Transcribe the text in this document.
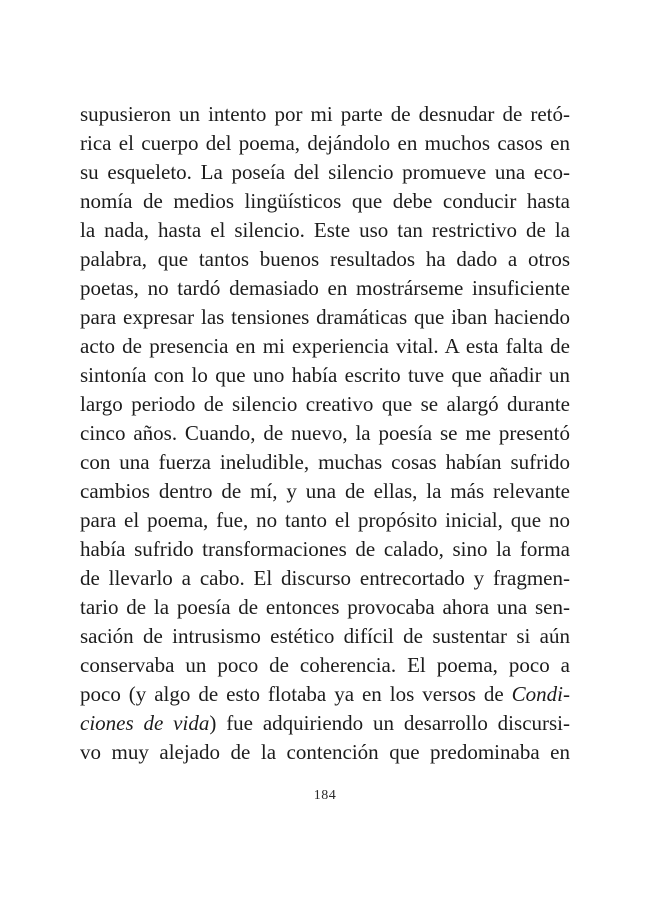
supusieron un intento por mi parte de desnudar de retó-
rica el cuerpo del poema, dejándolo en muchos casos en
su esqueleto. La poseía del silencio promueve una eco-
nomía de medios lingüísticos que debe conducir hasta
la nada, hasta el silencio. Este uso tan restrictivo de la
palabra, que tantos buenos resultados ha dado a otros
poetas, no tardó demasiado en mostrárseme insuficiente
para expresar las tensiones dramáticas que iban haciendo
acto de presencia en mi experiencia vital. A esta falta de
sintonía con lo que uno había escrito tuve que añadir un
largo periodo de silencio creativo que se alargó durante
cinco años. Cuando, de nuevo, la poesía se me presentó
con una fuerza ineludible, muchas cosas habían sufrido
cambios dentro de mí, y una de ellas, la más relevante
para el poema, fue, no tanto el propósito inicial, que no
había sufrido transformaciones de calado, sino la forma
de llevarlo a cabo. El discurso entrecortado y fragmen-
tario de la poesía de entonces provocaba ahora una sen-
sación de intrusismo estético difícil de sustentar si aún
conservaba un poco de coherencia. El poema, poco a
poco (y algo de esto flotaba ya en los versos de Condi-
ciones de vida) fue adquiriendo un desarrollo discursi-
vo muy alejado de la contención que predominaba en
184
